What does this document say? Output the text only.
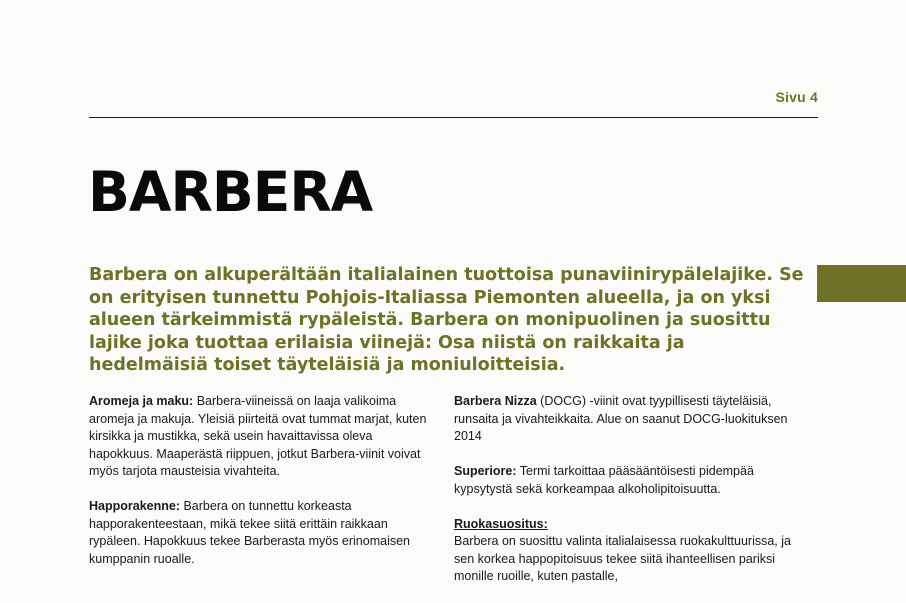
Sivu 4
BARBERA

Barbera on alkuperältään italialainen tuottoisa punaviinirypälelajike. Se on erityisen tunnettu Pohjois-Italiassa Piemonten alueella, ja on yksi alueen tärkeimmistä rypäleistä. Barbera on monipuolinen ja suosittu lajike joka tuottaa erilaisia viinejä: Osa niistä on raikkaita ja hedelmäisiä toiset täyteläisiä ja moniuloitteisia.

Aromeja ja maku: Barbera-viineissä on laaja valikoima aromeja ja makuja. Yleisiä piirteitä ovat tummat marjat, kuten kirsikka ja mustikka, sekä usein havaittavissa oleva hapokkuus. Maaperästä riippuen, jotkut Barbera-viinit voivat myös tarjota mausteisia vivahteita.

Happorakenne: Barbera on tunnettu korkeasta happorakenteestaan, mikä tekee siitä erittäin raikkaan rypäleen. Hapokkuus tekee Barberasta myös erinomaisen kumppanin ruoalle.

Barbera Nizza (DOCG) -viinit ovat tyypillisesti täyteläisiä, runsaita ja vivahteikkaita. Alue on saanut DOCG-luokituksen 2014

Superiore: Termi tarkoittaa pääsääntöisesti pidempää kypsytystä sekä korkeampaa alkoholipitoisuutta.

Ruokasuositus:
Barbera on suosittu valinta italialaisessa ruokakulttuurissa, ja sen korkea happopitoisuus tekee siitä ihanteellisen pariksi monille ruoille, kuten pastalle,
